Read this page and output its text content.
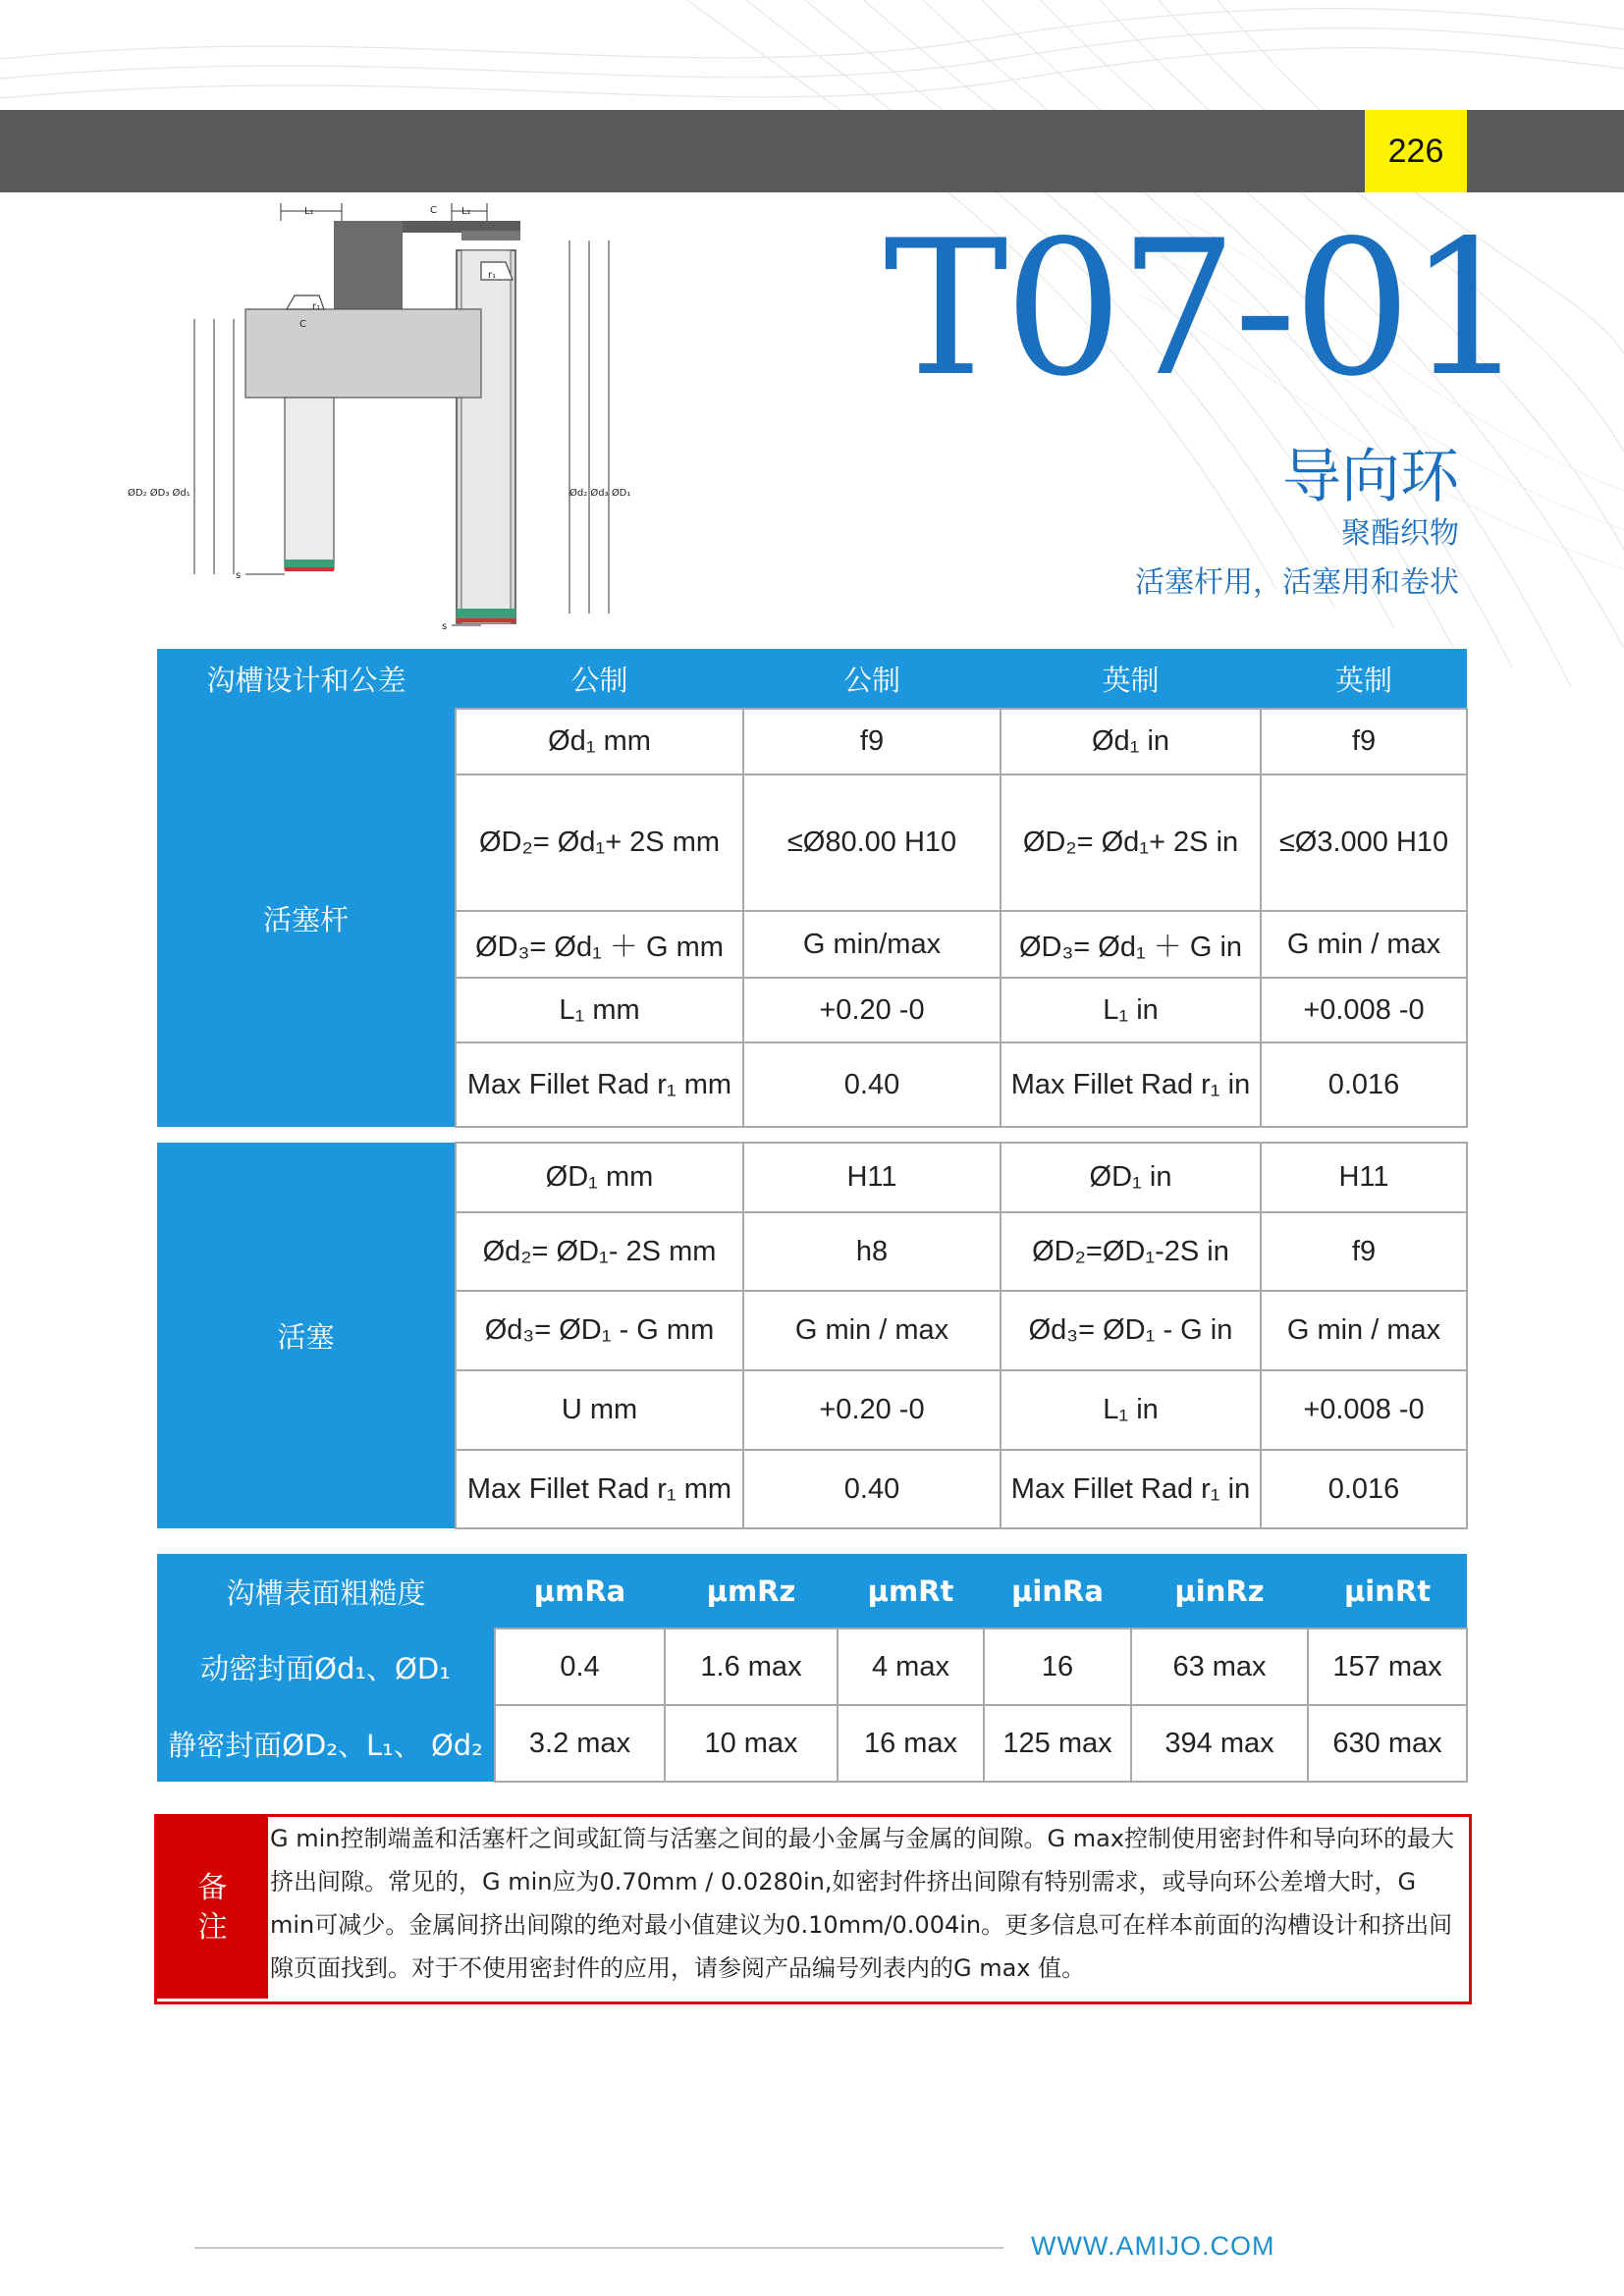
226
L₁	L₁
C
C
r₁
r₁
ØD₂ ØD₃ Ød₁	Ød₂ Ød₃ ØD₁
s
s
T07-01
导向环
聚酯织物
活塞杆用，活塞用和卷状
沟槽设计和公差	公制	公制	英制	英制
活塞杆	Ød₁ mm	f9	Ød₁ in	f9
	ØD₂= Ød₁+ 2S mm	≤Ø80.00 H10	ØD₂= Ød₁+ 2S in	≤Ø3.000 H10
	ØD₃= Ød₁ ＋ G mm	G min/max	ØD₃= Ød₁ ＋ G in	G min / max
	L₁ mm	+0.20 -0	L₁ in	+0.008 -0
	Max Fillet Rad r₁ mm	0.40	Max Fillet Rad r₁ in	0.016

活塞	ØD₁ mm	H11	ØD₁ in	H11
	Ød₂= ØD₁- 2S mm	h8	ØD₂=ØD₁-2S in	f9
	Ød₃= ØD₁ - G mm	G min / max	Ød₃= ØD₁ - G in	G min / max
	U mm	+0.20 -0	L₁ in	+0.008 -0
	Max Fillet Rad r₁ mm	0.40	Max Fillet Rad r₁ in	0.016
沟槽表面粗糙度	μmRa	μmRz	μmRt	μinRa	μinRz	μinRt
动密封面Ød₁、ØD₁	0.4	1.6 max	4 max	16	63 max	157 max
静密封面ØD₂、L₁、 Ød₂	3.2 max	10 max	16 max	125 max	394 max	630 max
备
注
G min控制端盖和活塞杆之间或缸筒与活塞之间的最小金属与金属的间隙。G max控制使用密封件和导向环的最大挤出间隙。常见的，G min应为0.70mm / 0.0280in,如密封件挤出间隙有特别需求，或导向环公差增大时，G min可减少。金属间挤出间隙的绝对最小值建议为0.10mm/0.004in。更多信息可在样本前面的沟槽设计和挤出间隙页面找到。对于不使用密封件的应用，请参阅产品编号列表内的G max 值。
WWW.AMIJO.COM
